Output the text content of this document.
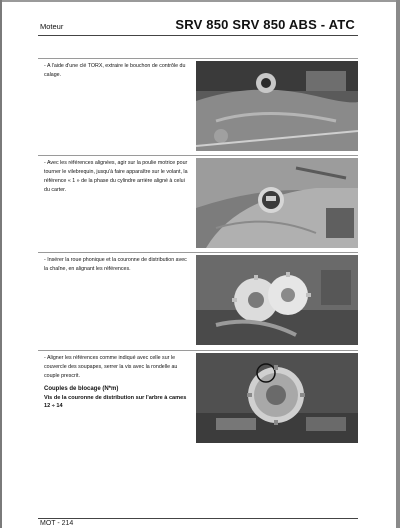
Moteur	SRV 850 SRV 850 ABS - ATC
- A l'aide d'une clé TORX, extraire le bouchon de contrôle du calage.
- Avec les références alignées, agir sur la poulie motrice pour tourner le vilebrequin, jusqu'à faire apparaître sur le volant, la référence « 1 » de la phase du cylindre arrière aligné à celui du carter.
- Insérer la roue phonique et la couronne de distribution avec la chaîne, en alignant les références.
- Aligner les références comme indiqué avec celle sur le couvercle des soupapes, serrer la vis avec la rondelle au couple prescrit.
Couples de blocage (N*m)
Vis de la couronne de distribution sur l'arbre à cames 12 ÷ 14
MOT - 214
